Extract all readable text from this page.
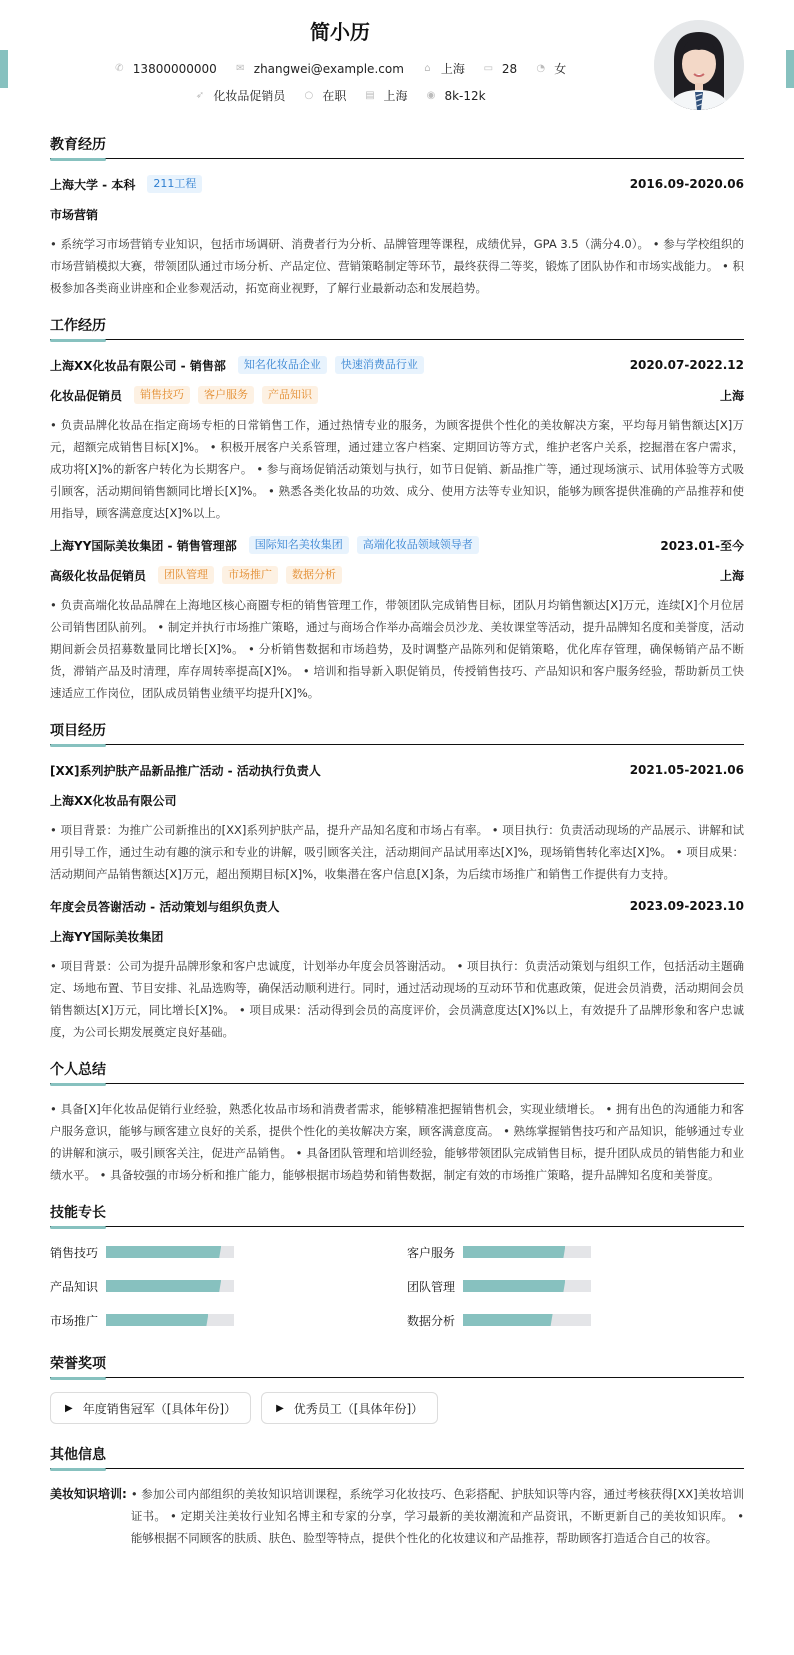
简小历
✆ 13800000000 ✉ zhangwei@example.com ⌂ 上海 ▭ 28 ◔ 女
➶ 化妆品促销员 ○ 在职 ▤ 上海 ◉ 8k-12k
教育经历
上海大学 - 本科	211工程	2016.09-2020.06
市场营销
• 系统学习市场营销专业知识，包括市场调研、消费者行为分析、品牌管理等课程，成绩优异，GPA 3.5（满分4.0）。 • 参与学校组织的市场营销模拟大赛，带领团队通过市场分析、产品定位、营销策略制定等环节，最终获得二等奖，锻炼了团队协作和市场实战能力。 • 积极参加各类商业讲座和企业参观活动，拓宽商业视野，了解行业最新动态和发展趋势。
工作经历
上海XX化妆品有限公司 - 销售部	知名化妆品企业	快速消费品行业	2020.07-2022.12
化妆品促销员	销售技巧	客户服务	产品知识	上海
• 负责品牌化妆品在指定商场专柜的日常销售工作，通过热情专业的服务，为顾客提供个性化的美妆解决方案，平均每月销售额达[X]万元，超额完成销售目标[X]%。 • 积极开展客户关系管理，通过建立客户档案、定期回访等方式，维护老客户关系，挖掘潜在客户需求，成功将[X]%的新客户转化为长期客户。 • 参与商场促销活动策划与执行，如节日促销、新品推广等，通过现场演示、试用体验等方式吸引顾客，活动期间销售额同比增长[X]%。 • 熟悉各类化妆品的功效、成分、使用方法等专业知识，能够为顾客提供准确的产品推荐和使用指导，顾客满意度达[X]%以上。
上海YY国际美妆集团 - 销售管理部	国际知名美妆集团	高端化妆品领域领导者	2023.01-至今
高级化妆品促销员	团队管理	市场推广	数据分析	上海
• 负责高端化妆品品牌在上海地区核心商圈专柜的销售管理工作，带领团队完成销售目标，团队月均销售额达[X]万元，连续[X]个月位居公司销售团队前列。 • 制定并执行市场推广策略，通过与商场合作举办高端会员沙龙、美妆课堂等活动，提升品牌知名度和美誉度，活动期间新会员招募数量同比增长[X]%。 • 分析销售数据和市场趋势，及时调整产品陈列和促销策略，优化库存管理，确保畅销产品不断货，滞销产品及时清理，库存周转率提高[X]%。 • 培训和指导新入职促销员，传授销售技巧、产品知识和客户服务经验，帮助新员工快速适应工作岗位，团队成员销售业绩平均提升[X]%。
项目经历
[XX]系列护肤产品新品推广活动 - 活动执行负责人	2021.05-2021.06
上海XX化妆品有限公司
• 项目背景：为推广公司新推出的[XX]系列护肤产品，提升产品知名度和市场占有率。 • 项目执行：负责活动现场的产品展示、讲解和试用引导工作，通过生动有趣的演示和专业的讲解，吸引顾客关注，活动期间产品试用率达[X]%，现场销售转化率达[X]%。 • 项目成果：活动期间产品销售额达[X]万元，超出预期目标[X]%，收集潜在客户信息[X]条，为后续市场推广和销售工作提供有力支持。
年度会员答谢活动 - 活动策划与组织负责人	2023.09-2023.10
上海YY国际美妆集团
• 项目背景：公司为提升品牌形象和客户忠诚度，计划举办年度会员答谢活动。 • 项目执行：负责活动策划与组织工作，包括活动主题确定、场地布置、节目安排、礼品选购等，确保活动顺利进行。同时，通过活动现场的互动环节和优惠政策，促进会员消费，活动期间会员销售额达[X]万元，同比增长[X]%。 • 项目成果：活动得到会员的高度评价，会员满意度达[X]%以上，有效提升了品牌形象和客户忠诚度，为公司长期发展奠定良好基础。
个人总结
• 具备[X]年化妆品促销行业经验，熟悉化妆品市场和消费者需求，能够精准把握销售机会，实现业绩增长。 • 拥有出色的沟通能力和客户服务意识，能够与顾客建立良好的关系，提供个性化的美妆解决方案，顾客满意度高。 • 熟练掌握销售技巧和产品知识，能够通过专业的讲解和演示，吸引顾客关注，促进产品销售。 • 具备团队管理和培训经验，能够带领团队完成销售目标，提升团队成员的销售能力和业绩水平。 • 具备较强的市场分析和推广能力，能够根据市场趋势和销售数据，制定有效的市场推广策略，提升品牌知名度和美誉度。
技能专长
销售技巧	客户服务
产品知识	团队管理
市场推广	数据分析
荣誉奖项
▶ 年度销售冠军（[具体年份]）	▶ 优秀员工（[具体年份]）
其他信息
美妆知识培训: • 参加公司内部组织的美妆知识培训课程，系统学习化妆技巧、色彩搭配、护肤知识等内容，通过考核获得[XX]美妆培训证书。 • 定期关注美妆行业知名博主和专家的分享，学习最新的美妆潮流和产品资讯，不断更新自己的美妆知识库。 • 能够根据不同顾客的肤质、肤色、脸型等特点，提供个性化的化妆建议和产品推荐，帮助顾客打造适合自己的妆容。
